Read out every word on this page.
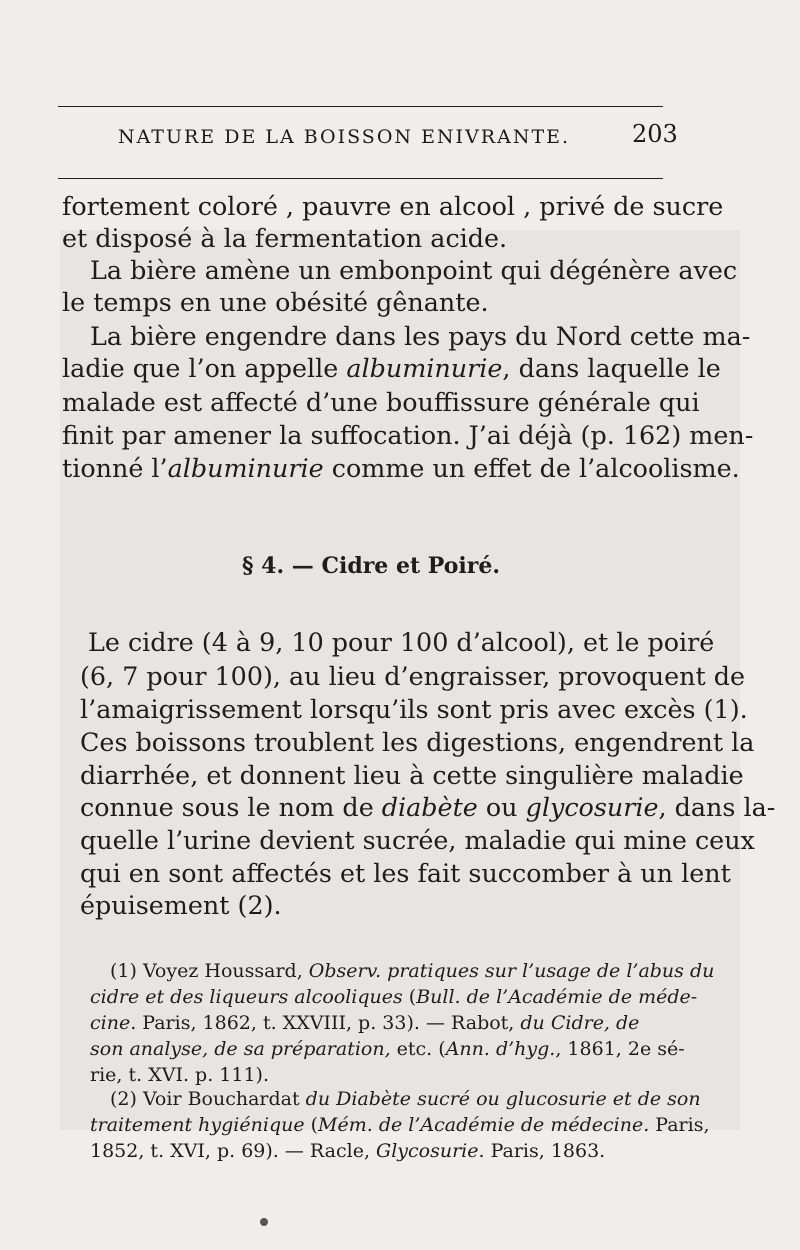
NATURE DE LA BOISSON ENIVRANTE.	203
fortement coloré , pauvre en alcool , privé de sucre
et disposé à la fermentation acide.
La bière amène un embonpoint qui dégénère avec
le temps en une obésité gênante.
La bière engendre dans les pays du Nord cette ma-
ladie que l’on appelle albuminurie, dans laquelle le
malade est affecté d’une bouffissure générale qui
finit par amener la suffocation. J’ai déjà (p. 162) men-
tionné l’albuminurie comme un effet de l’alcoolisme.
§ 4. — Cidre et Poiré.
Le cidre (4 à 9, 10 pour 100 d’alcool), et le poiré
(6, 7 pour 100), au lieu d’engraisser, provoquent de
l’amaigrissement lorsqu’ils sont pris avec excès (1).
Ces boissons troublent les digestions, engendrent la
diarrhée, et donnent lieu à cette singulière maladie
connue sous le nom de diabète ou glycosurie, dans la-
quelle l’urine devient sucrée, maladie qui mine ceux
qui en sont affectés et les fait succomber à un lent
épuisement (2).
(1) Voyez Houssard, Observ. pratiques sur l’usage de l’abus du
cidre et des liqueurs alcooliques (Bull. de l’Académie de méde-
cine. Paris, 1862, t. XXVIII, p. 33). — Rabot, du Cidre, de
son analyse, de sa préparation, etc. (Ann. d’hyg., 1861, 2e sé-
rie, t. XVI. p. 111).
(2) Voir Bouchardat du Diabète sucré ou glucosurie et de son
traitement hygiénique (Mém. de l’Académie de médecine. Paris,
1852, t. XVI, p. 69). — Racle, Glycosurie. Paris, 1863.
